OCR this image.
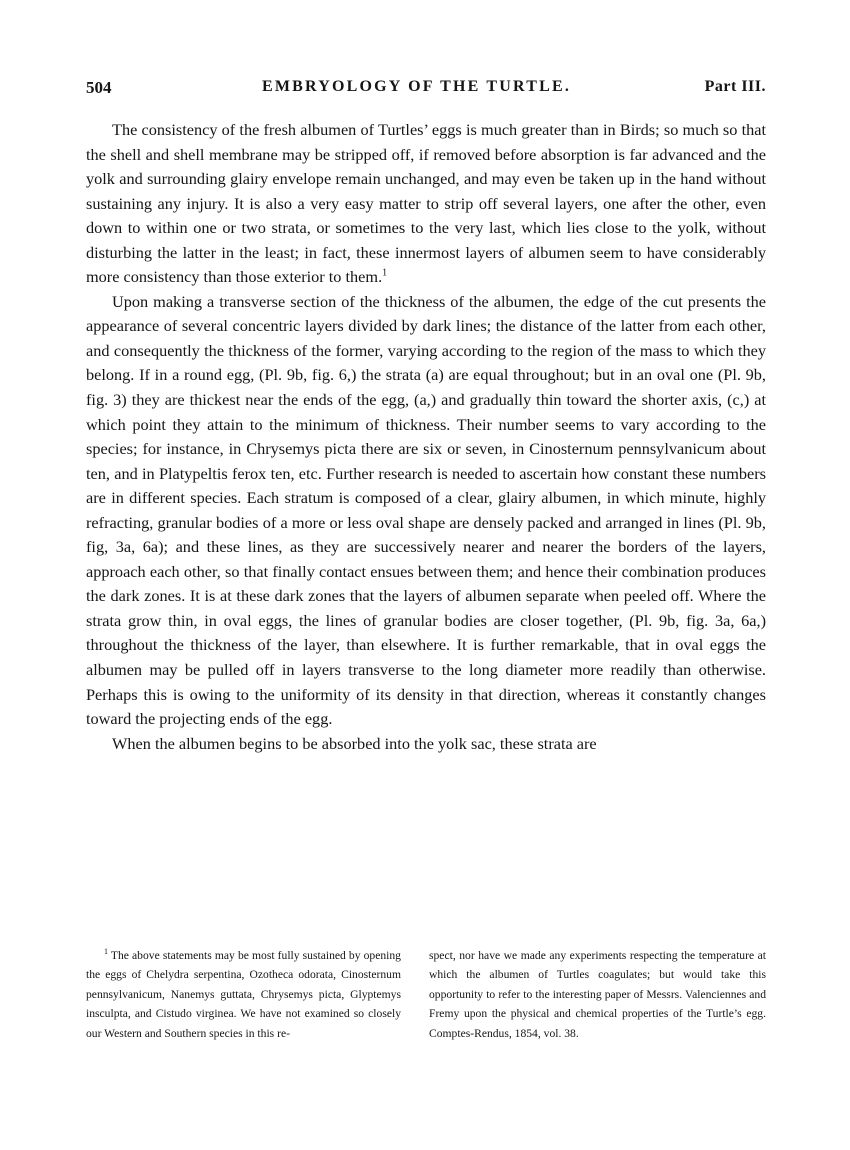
504	EMBRYOLOGY OF THE TURTLE.	Part III.

The consistency of the fresh albumen of Turtles’ eggs is much greater than in Birds; so much so that the shell and shell membrane may be stripped off, if removed before absorption is far advanced and the yolk and surrounding glairy envelope remain unchanged, and may even be taken up in the hand without sustaining any injury. It is also a very easy matter to strip off several layers, one after the other, even down to within one or two strata, or sometimes to the very last, which lies close to the yolk, without disturbing the latter in the least; in fact, these innermost layers of albumen seem to have considerably more consistency than those exterior to them.$^1$

Upon making a transverse section of the thickness of the albumen, the edge of the cut presents the appearance of several concentric layers divided by dark lines; the distance of the latter from each other, and consequently the thickness of the former, varying according to the region of the mass to which they belong. If in a round egg, (Pl. 9b, fig. 6,) the strata (a) are equal throughout; but in an oval one (Pl. 9b, fig. 3) they are thickest near the ends of the egg, (a,) and gradually thin toward the shorter axis, (c,) at which point they attain to the minimum of thickness. Their number seems to vary according to the species; for instance, in Chrysemys picta there are six or seven, in Cinosternum pennsylvanicum about ten, and in Platypeltis ferox ten, etc. Further research is needed to ascertain how constant these numbers are in different species. Each stratum is composed of a clear, glairy albumen, in which minute, highly refracting, granular bodies of a more or less oval shape are densely packed and arranged in lines (Pl. 9b, fig, 3a, 6a); and these lines, as they are successively nearer and nearer the borders of the layers, approach each other, so that finally contact ensues between them; and hence their combination produces the dark zones. It is at these dark zones that the layers of albumen separate when peeled off. Where the strata grow thin, in oval eggs, the lines of granular bodies are closer together, (Pl. 9b, fig. 3a, 6a,) throughout the thickness of the layer, than elsewhere. It is further remarkable, that in oval eggs the albumen may be pulled off in layers transverse to the long diameter more readily than otherwise. Perhaps this is owing to the uniformity of its density in that direction, whereas it constantly changes toward the projecting ends of the egg.

When the albumen begins to be absorbed into the yolk sac, these strata are

$^1$ The above statements may be most fully sustained by opening the eggs of Chelydra serpentina, Ozotheca odorata, Cinosternum pennsylvanicum, Nanemys guttata, Chrysemys picta, Glyptemys insculpta, and Cistudo virginea. We have not examined so closely our Western and Southern species in this re-

spect, nor have we made any experiments respecting the temperature at which the albumen of Turtles coagulates; but would take this opportunity to refer to the interesting paper of Messrs. Valenciennes and Fremy upon the physical and chemical properties of the Turtle’s egg. Comptes-Rendus, 1854, vol. 38.
